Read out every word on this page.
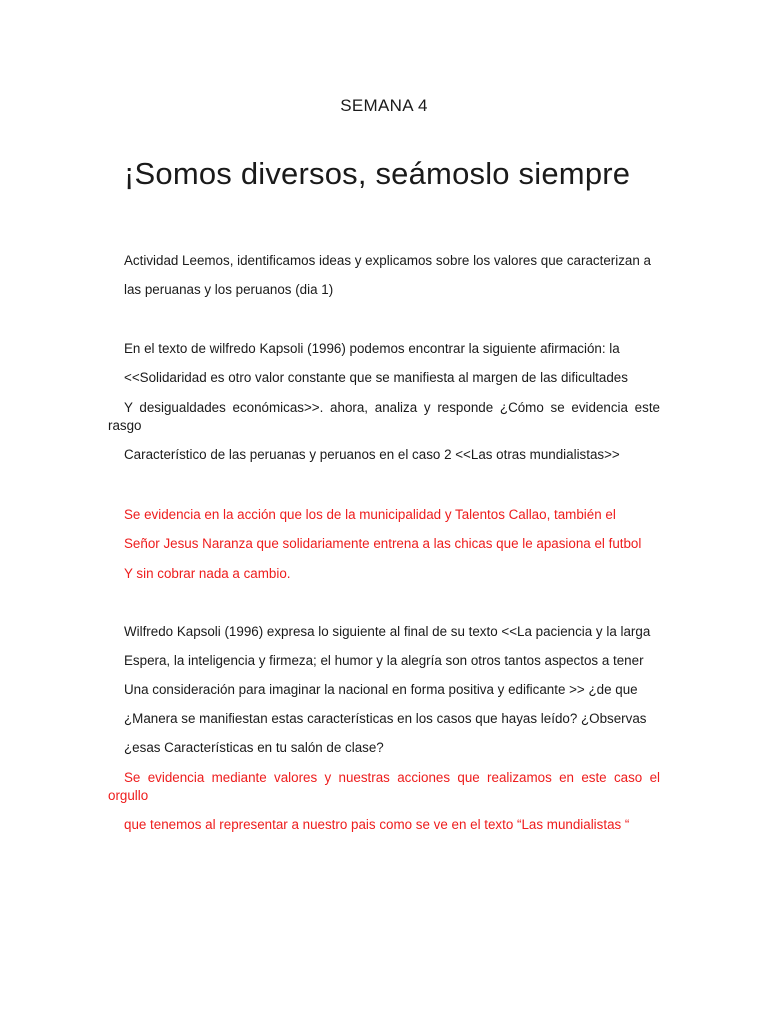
SEMANA 4
¡Somos diversos, seámoslo siempre
Actividad Leemos, identificamos ideas y explicamos sobre los valores que caracterizan a
las peruanas y los peruanos (dia 1)
En el texto de wilfredo Kapsoli (1996) podemos encontrar la siguiente afirmación: la
<<Solidaridad es otro valor constante que se manifiesta al margen de las dificultades
Y desigualdades económicas>>. ahora, analiza y responde ¿Cómo se evidencia este
rasgo
Característico de las peruanas y peruanos en el caso 2 <<Las otras mundialistas>>
Se evidencia en la acción que los de la municipalidad y Talentos Callao, también el
Señor Jesus Naranza que solidariamente entrena a las chicas que le apasiona el futbol
Y sin cobrar nada a cambio.
Wilfredo Kapsoli (1996) expresa lo siguiente al final de su texto <<La paciencia y la larga
Espera, la inteligencia y firmeza; el humor y la alegría son otros tantos aspectos a tener
Una consideración para imaginar la nacional en forma positiva y edificante >> ¿de que
¿Manera se manifiestan estas características en los casos que hayas leído? ¿Observas
¿esas Características en tu salón de clase?
Se evidencia mediante valores y nuestras acciones que realizamos en este caso el
orgullo
que tenemos al representar a nuestro pais como se ve en el texto “Las mundialistas “
